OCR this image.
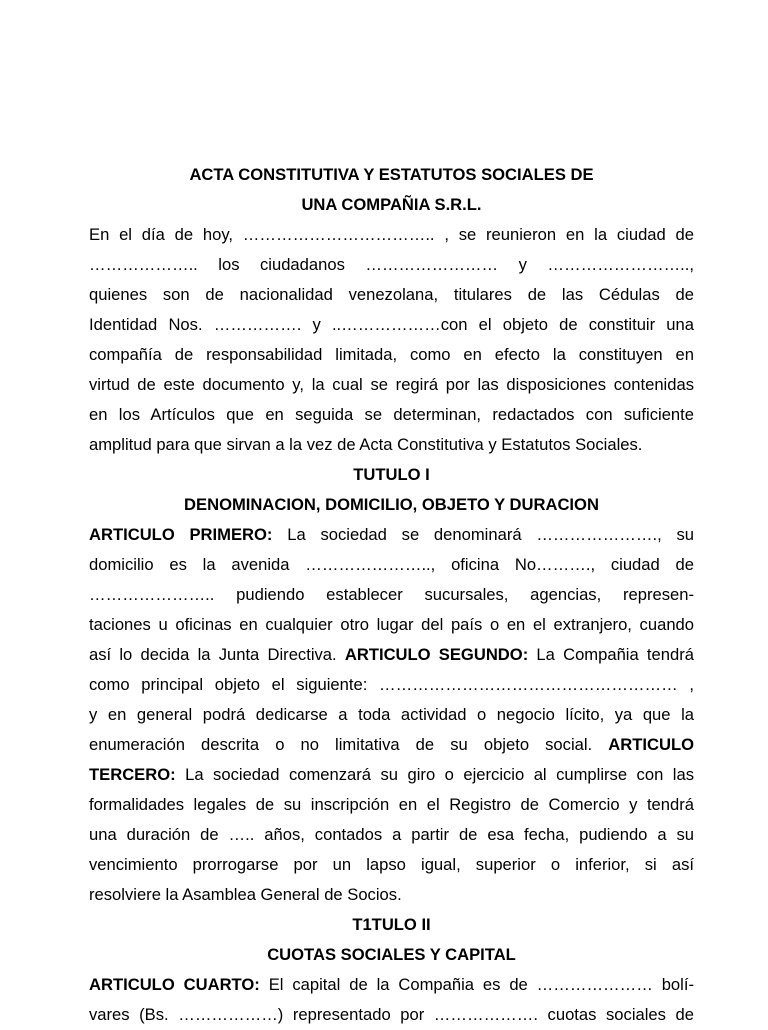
ACTA CONSTITUTIVA Y ESTATUTOS SOCIALES DE
UNA COMPAÑIA S.R.L.
En el día de hoy, …………………………….. , se reunieron en la ciudad de
……………….. los ciudadanos …………………… y ……………………..,
quienes son de nacionalidad venezolana, titulares de las Cédulas de
Identidad Nos. ……………. y ..………………con el objeto de constituir una
compañía de responsabilidad limitada, como en efecto la constituyen en
virtud de este documento y, la cual se regirá por las disposiciones contenidas
en los Artículos que en seguida se determinan, redactados con suficiente
amplitud para que sirvan a la vez de Acta Constitutiva y Estatutos Sociales.
TUTULO I
DENOMINACION, DOMICILIO, OBJETO Y DURACION
ARTICULO PRIMERO: La sociedad se denominará …………………., su
domicilio es la avenida ………………….., oficina No………., ciudad de
………………….. pudiendo establecer sucursales, agencias, represen-
taciones u oficinas en cualquier otro lugar del país o en el extranjero, cuando
así lo decida la Junta Directiva. ARTICULO SEGUNDO: La Compañia tendrá
como principal objeto el siguiente: ……………………………………………… ,
y en general podrá dedicarse a toda actividad o negocio lícito, ya que la
enumeración descrita o no limitativa de su objeto social. ARTICULO
TERCERO: La sociedad comenzará su giro o ejercicio al cumplirse con las
formalidades legales de su inscripción en el Registro de Comercio y tendrá
una duración de ….. años, contados a partir de esa fecha, pudiendo a su
vencimiento prorrogarse por un lapso igual, superior o inferior, si así
resolviere la Asamblea General de Socios.
T1TULO II
CUOTAS SOCIALES Y CAPITAL
ARTICULO CUARTO: El capital de la Compañia es de ………………… bolí-
vares (Bs. ………………) representado por ………………. cuotas sociales de
